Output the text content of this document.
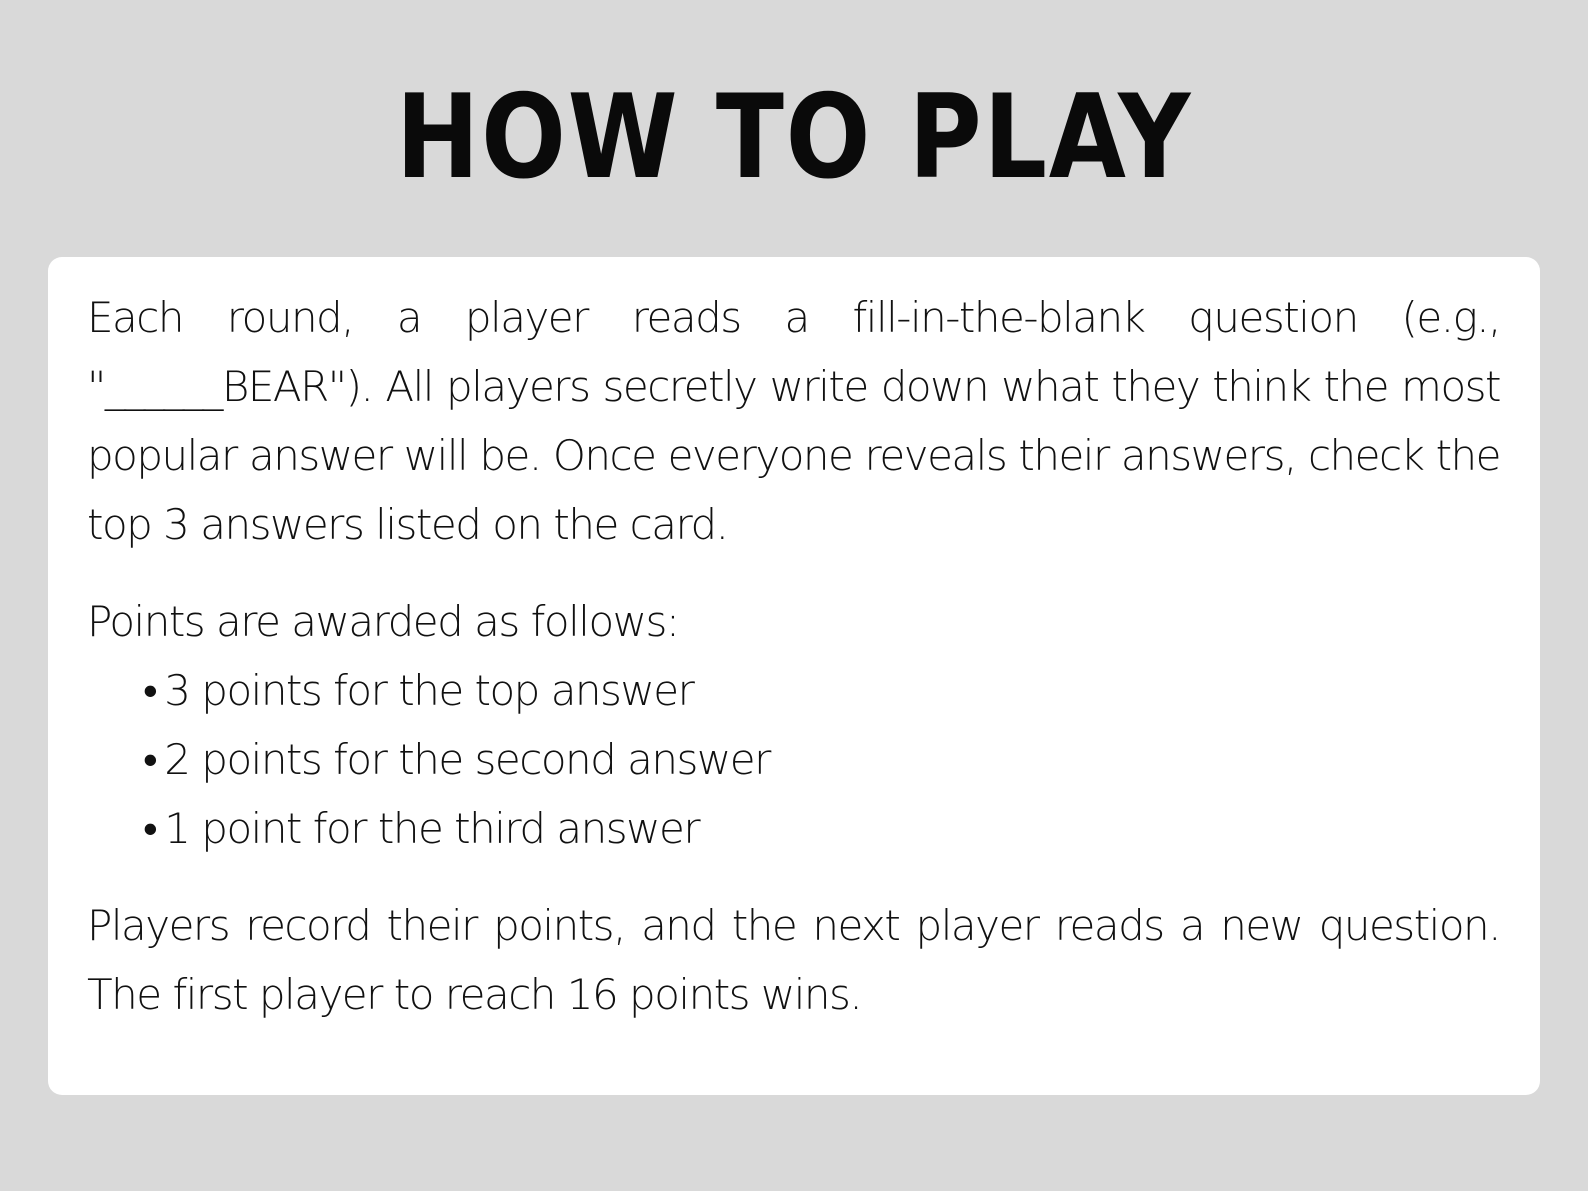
HOW TO PLAY

Each round, a player reads a fill-in-the-blank question (e.g., "______BEAR"). All players secretly write down what they think the most popular answer will be. Once everyone reveals their answers, check the top 3 answers listed on the card.

Points are awarded as follows:

• 3 points for the top answer
• 2 points for the second answer
• 1 point for the third answer

Players record their points, and the next player reads a new question. The first player to reach 16 points wins.
